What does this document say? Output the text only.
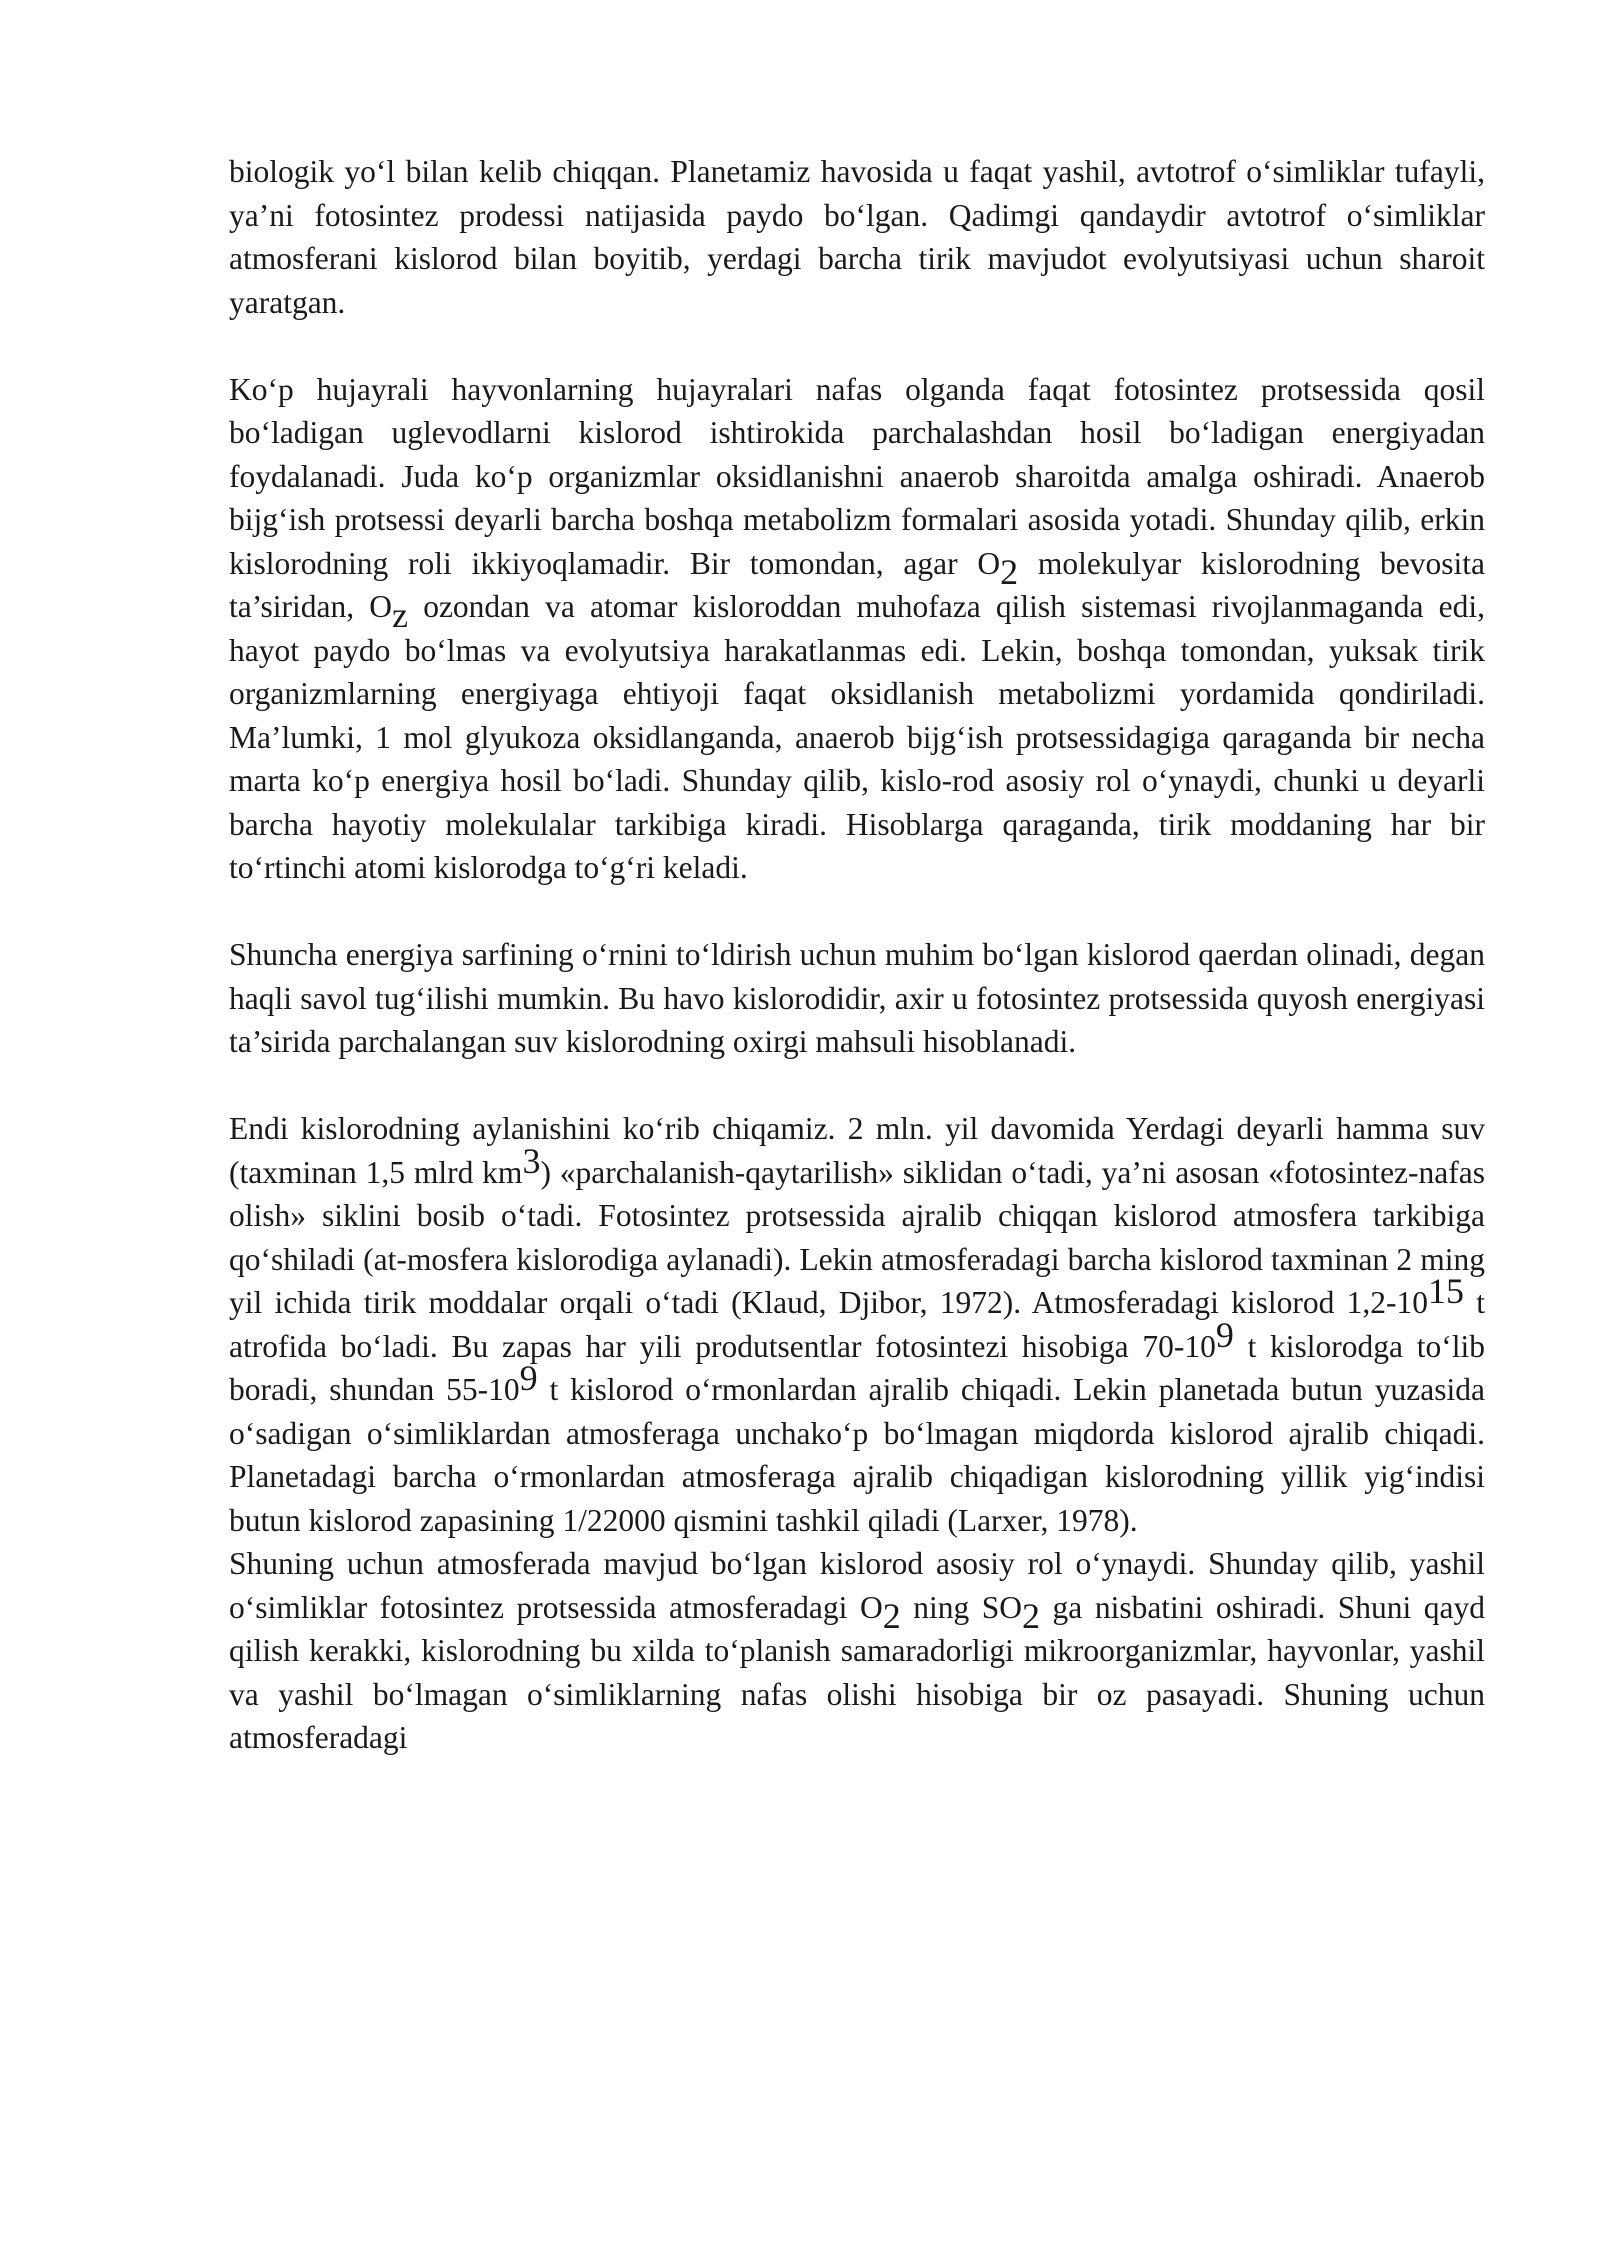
biologik yo‘l bilan kelib chiqqan. Planetamiz havosida u faqat yashil, avtotrof o‘simliklar tufayli, ya’ni fotosintez prodessi natijasida paydo bo‘lgan. Qadimgi qandaydir avtotrof o‘simliklar atmosferani kislorod bilan boyitib, yerdagi barcha tirik mavjudot evolyutsiyasi uchun sharoit yaratgan.

Ko‘p hujayrali hayvonlarning hujayralari nafas olganda faqat fotosintez protsessida qosil bo‘ladigan uglevodlarni kislorod ishtirokida parchalashdan hosil bo‘ladigan energiyadan foydalanadi. Juda ko‘p organizmlar oksidlanishni anaerob sharoitda amalga oshiradi. Anaerob bijg‘ish protsessi deyarli barcha boshqa metabolizm formalari asosida yotadi. Shunday qilib, erkin kislorodning roli ikkiyoqlamadir. Bir tomondan, agar O2 molekulyar kislorodning bevosita ta’siridan, Oz ozondan va atomar kisloroddan muhofaza qilish sistemasi rivojlanmaganda edi, hayot paydo bo‘lmas va evolyutsiya harakatlanmas edi. Lekin, boshqa tomondan, yuksak tirik organizmlarning energiyaga ehtiyoji faqat oksidlanish metabolizmi yordamida qondiriladi. Ma’lumki, 1 mol glyukoza oksidlanganda, anaerob bijg‘ish protsessidagiga qaraganda bir necha marta ko‘p energiya hosil bo‘ladi. Shunday qilib, kislo-rod asosiy rol o‘ynaydi, chunki u deyarli barcha hayotiy molekulalar tarkibiga kiradi. Hisoblarga qaraganda, tirik moddaning har bir to‘rtinchi atomi kislorodga to‘g‘ri keladi.

Shuncha energiya sarfining o‘rnini to‘ldirish uchun muhim bo‘lgan kislorod qaerdan olinadi, degan haqli savol tug‘ilishi mumkin. Bu havo kislorodidir, axir u fotosintez protsessida quyosh energiyasi ta’sirida parchalangan suv kislorodning oxirgi mahsuli hisoblanadi.

Endi kislorodning aylanishini ko‘rib chiqamiz. 2 mln. yil davomida Yerdagi deyarli hamma suv (taxminan 1,5 mlrd km3) «parchalanish-qaytarilish» siklidan o‘tadi, ya’ni asosan «fotosintez-nafas olish» siklini bosib o‘tadi. Fotosintez protsessida ajralib chiqqan kislorod atmosfera tarkibiga qo‘shiladi (at-mosfera kislorodiga aylanadi). Lekin atmosferadagi barcha kislorod taxminan 2 ming yil ichida tirik moddalar orqali o‘tadi (Klaud, Djibor, 1972). Atmosferadagi kislorod 1,2-1015 t atrofida bo‘ladi. Bu zapas har yili produtsentlar fotosintezi hisobiga 70-109 t kislorodga to‘lib boradi, shundan 55-109 t kislorod o‘rmonlardan ajralib chiqadi. Lekin planetada butun yuzasida o‘sadigan o‘simliklardan atmosferaga unchako‘p bo‘lmagan miqdorda kislorod ajralib chiqadi. Planetadagi barcha o‘rmonlardan atmosferaga ajralib chiqadigan kislorodning yillik yig‘indisi butun kislorod zapasining 1/22000 qismini tashkil qiladi (Larxer, 1978).

Shuning uchun atmosferada mavjud bo‘lgan kislorod asosiy rol o‘ynaydi. Shunday qilib, yashil o‘simliklar fotosintez protsessida atmosferadagi O2 ning SO2 ga nisbatini oshiradi. Shuni qayd qilish kerakki, kislorodning bu xilda to‘planish samaradorligi mikroorganizmlar, hayvonlar, yashil va yashil bo‘lmagan o‘simliklarning nafas olishi hisobiga bir oz pasayadi. Shuning uchun atmosferadagi
